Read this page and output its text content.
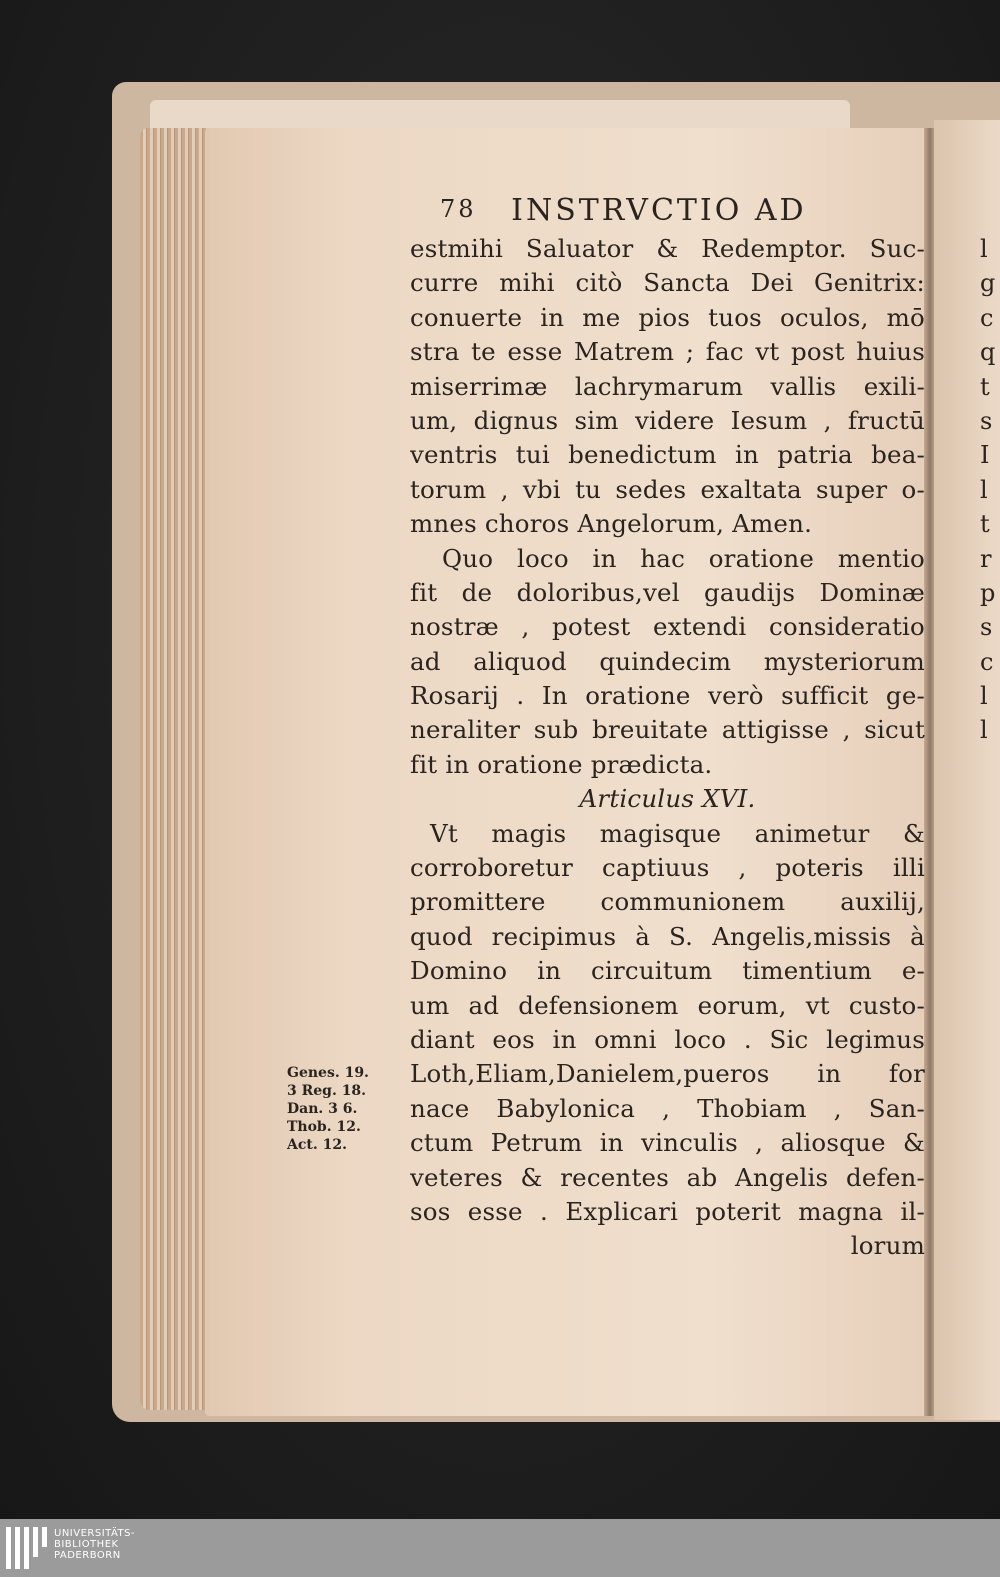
78 INSTRVCTIO AD
estmihi Saluator & Redemptor. Suc-
curre mihi citò Sancta Dei Genitrix:
conuerte in me pios tuos oculos, mō
stra te esse Matrem ; fac vt post huius
miserrimæ lachrymarum vallis exili-
um, dignus sim videre Iesum , fructū
ventris tui benedictum in patria bea-
torum , vbi tu sedes exaltata super o-
mnes choros Angelorum, Amen.
Quo loco in hac oratione mentio
fit de doloribus,vel gaudijs Dominæ
nostræ , potest extendi consideratio
ad aliquod quindecim mysteriorum
Rosarij . In oratione verò sufficit ge-
neraliter sub breuitate attigisse , sicut
fit in oratione prædicta.
Articulus XVI.
Vt magis magisque animetur &
corroboretur captiuus , poteris illi
promittere communionem auxilij,
quod recipimus à S. Angelis,missis à
Domino in circuitum timentium e-
um ad defensionem eorum, vt custo-
diant eos in omni loco . Sic legimus
Loth,Eliam,Danielem,pueros in for
nace Babylonica , Thobiam , San-
ctum Petrum in vinculis , aliosque &
veteres & recentes ab Angelis defen-
sos esse . Explicari poterit magna il-
lorum
Genes. 19.
3 Reg. 18.
Dan. 3 6.
Thob. 12.
Act. 12.
l
g
c
q
t
s
I
l
t
r
p
s
c
l
l
UNIVERSITÄTS-
BIBLIOTHEK
PADERBORN
